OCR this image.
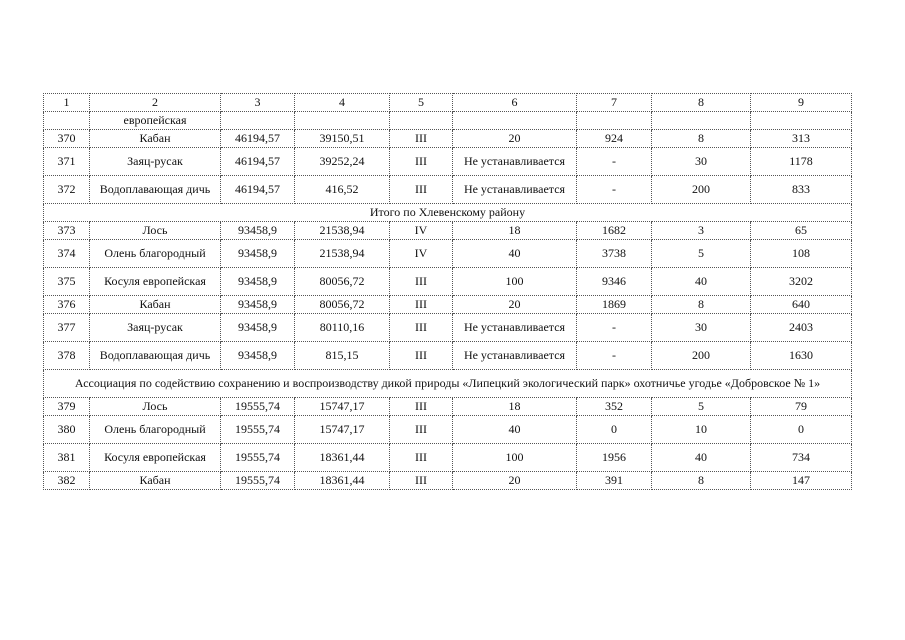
1	2	3	4	5	6	7	8	9
	европейская							
370	Кабан	46194,57	39150,51	III	20	924	8	313
371	Заяц-русак	46194,57	39252,24	III	Не устанавливается	-	30	1178
372	Водоплавающая дичь	46194,57	416,52	III	Не устанавливается	-	200	833
Итого по Хлевенскому району								
373	Лось	93458,9	21538,94	IV	18	1682	3	65
374	Олень благородный	93458,9	21538,94	IV	40	3738	5	108
375	Косуля европейская	93458,9	80056,72	III	100	9346	40	3202
376	Кабан	93458,9	80056,72	III	20	1869	8	640
377	Заяц-русак	93458,9	80110,16	III	Не устанавливается	-	30	2403
378	Водоплавающая дичь	93458,9	815,15	III	Не устанавливается	-	200	1630
Ассоциация по содействию сохранению и воспроизводству дикой природы «Липецкий экологический парк» охотничье угодье «Добровское № 1»								
379	Лось	19555,74	15747,17	III	18	352	5	79
380	Олень благородный	19555,74	15747,17	III	40	0	10	0
381	Косуля европейская	19555,74	18361,44	III	100	1956	40	734
382	Кабан	19555,74	18361,44	III	20	391	8	147
